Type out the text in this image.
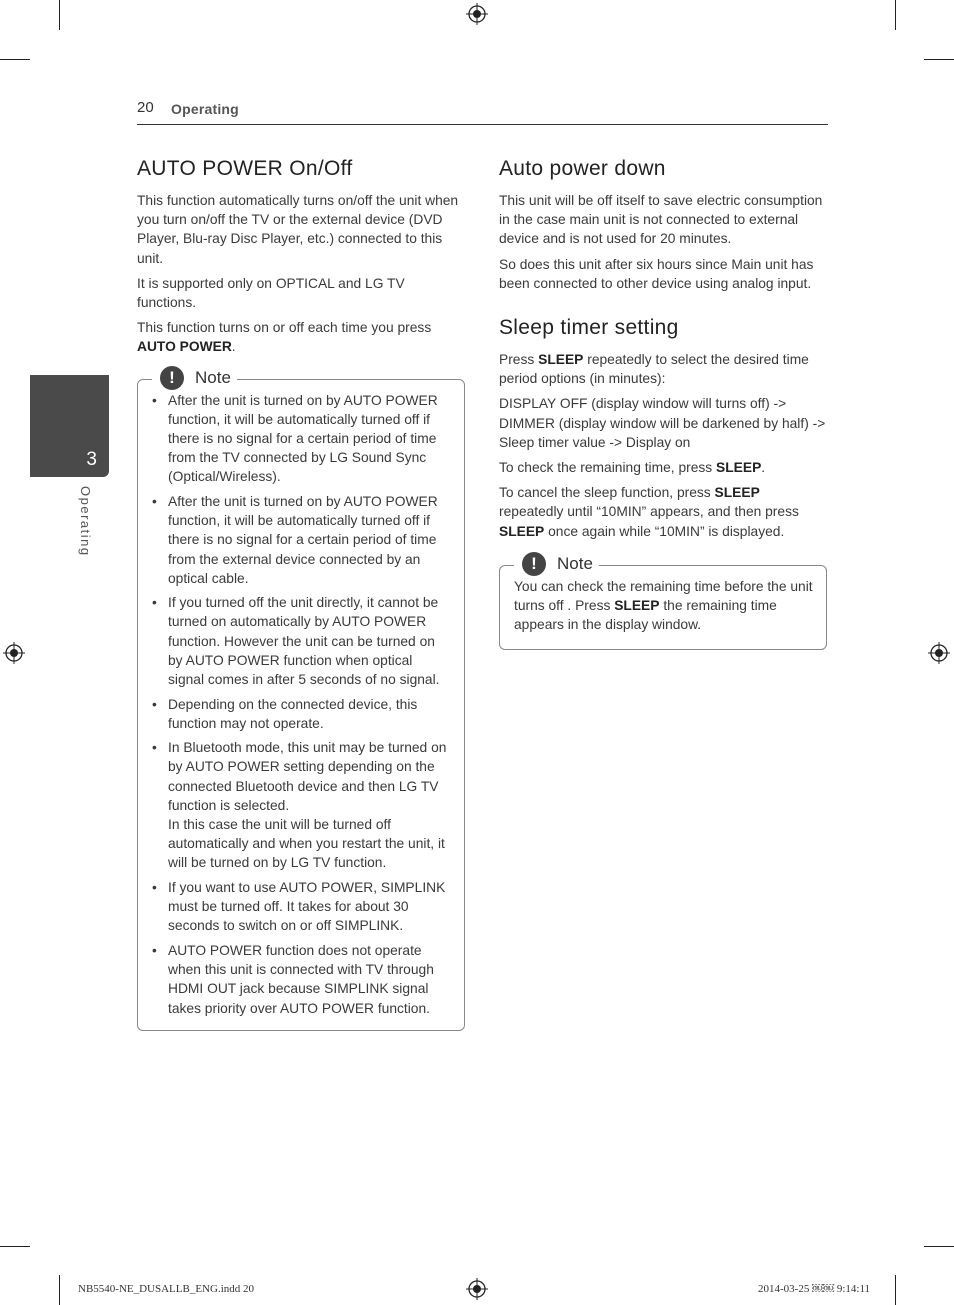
20 Operating
3
Operating
AUTO POWER On/Off

This function automatically turns on/off the unit when you turn on/off the TV or the external device (DVD Player, Blu-ray Disc Player, etc.) connected to this unit.

It is supported only on OPTICAL and LG TV functions.

This function turns on or off each time you press
AUTO POWER.

!	Note
• After the unit is turned on by AUTO POWER function, it will be automatically turned off if there is no signal for a certain period of time from the TV connected by LG Sound Sync (Optical/Wireless).
• After the unit is turned on by AUTO POWER function, it will be automatically turned off if there is no signal for a certain period of time from the external device connected by an optical cable.
• If you turned off the unit directly, it cannot be turned on automatically by AUTO POWER function. However the unit can be turned on by AUTO POWER function when optical signal comes in after 5 seconds of no signal.
• Depending on the connected device, this function may not operate.
• In Bluetooth mode, this unit may be turned on by AUTO POWER setting depending on the connected Bluetooth device and then LG TV function is selected.
In this case the unit will be turned off automatically and when you restart the unit, it will be turned on by LG TV function.
• If you want to use AUTO POWER, SIMPLINK must be turned off. It takes for about 30 seconds to switch on or off SIMPLINK.
• AUTO POWER function does not operate when this unit is connected with TV through HDMI OUT jack because SIMPLINK signal takes priority over AUTO POWER function.
Auto power down

This unit will be off itself to save electric consumption in the case main unit is not connected to external device and is not used for 20 minutes.

So does this unit after six hours since Main unit has been connected to other device using analog input.

Sleep timer setting

Press SLEEP repeatedly to select the desired time period options (in minutes):

DISPLAY OFF (display window will turns off) -> DIMMER (display window will be darkened by half) -> Sleep timer value -> Display on

To check the remaining time, press SLEEP.

To cancel the sleep function, press SLEEP repeatedly until “10MIN” appears, and then press SLEEP once again while “10MIN” is displayed.

!	Note

You can check the remaining time before the unit turns off . Press SLEEP the remaining time appears in the display window.

NB5540-NE_DUSALLB_ENG.indd 20	2014-03-25 ￼￼ 9:14:11
